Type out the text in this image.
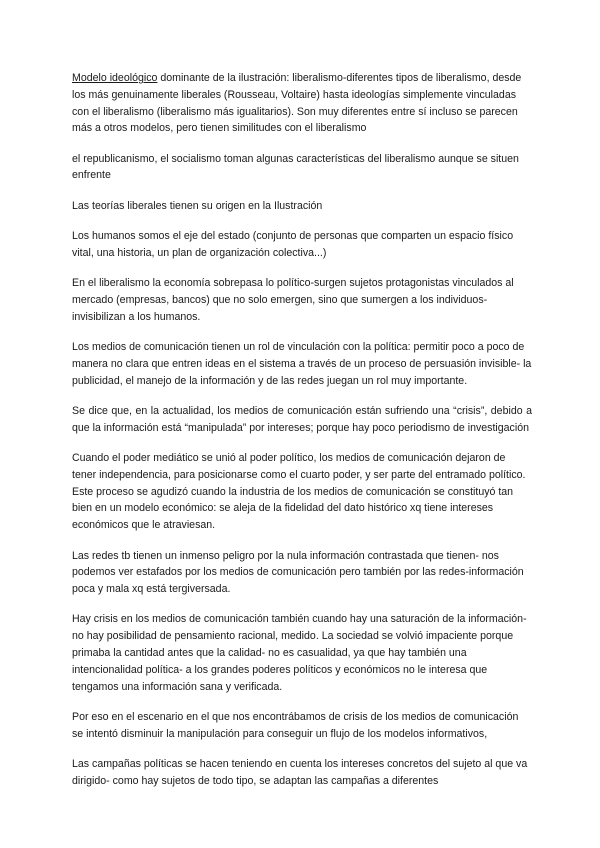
Modelo ideológico dominante de la ilustración: liberalismo-diferentes tipos de liberalismo, desde los más genuinamente liberales (Rousseau, Voltaire) hasta ideologías simplemente vinculadas con el liberalismo (liberalismo más igualitarios). Son muy diferentes entre sí incluso se parecen más a otros modelos, pero tienen similitudes con el liberalismo

el republicanismo, el socialismo toman algunas características del liberalismo aunque se situen enfrente

Las teorías liberales tienen su origen en la Ilustración

Los humanos somos el eje del estado (conjunto de personas que comparten un espacio físico vital, una historia, un plan de organización colectiva...)

En el liberalismo la economía sobrepasa lo político-surgen sujetos protagonistas vinculados al mercado (empresas, bancos) que no solo emergen, sino que sumergen a los individuos-invisibilizan a los humanos.

Los medios de comunicación tienen un rol de vinculación con la política: permitir poco a poco de manera no clara que entren ideas en el sistema a través de un proceso de persuasión invisible- la publicidad, el manejo de la información y de las redes juegan un rol muy importante.

Se dice que, en la actualidad, los medios de comunicación están sufriendo una “crisis”, debido a que la información está “manipulada” por intereses; porque hay poco periodismo de investigación

Cuando el poder mediático se unió al poder político, los medios de comunicación dejaron de tener independencia, para posicionarse como el cuarto poder, y ser parte del entramado político. Este proceso se agudizó cuando la industria de los medios de comunicación se constituyó tan bien en un modelo económico: se aleja de la fidelidad del dato histórico xq tiene intereses económicos que le atraviesan.

Las redes tb tienen un inmenso peligro por la nula información contrastada que tienen- nos podemos ver estafados por los medios de comunicación pero también por las redes-información poca y mala xq está tergiversada.

Hay crisis en los medios de comunicación también cuando hay una saturación de la información- no hay posibilidad de pensamiento racional, medido. La sociedad se volvió impaciente porque primaba la cantidad antes que la calidad- no es casualidad, ya que hay también una intencionalidad política- a los grandes poderes políticos y económicos no le interesa que tengamos una información sana y verificada.

Por eso en el escenario en el que nos encontrábamos de crisis de los medios de comunicación se intentó disminuir la manipulación para conseguir un flujo de los modelos informativos,

Las campañas políticas se hacen teniendo en cuenta los intereses concretos del sujeto al que va dirigido- como hay sujetos de todo tipo, se adaptan las campañas a diferentes
